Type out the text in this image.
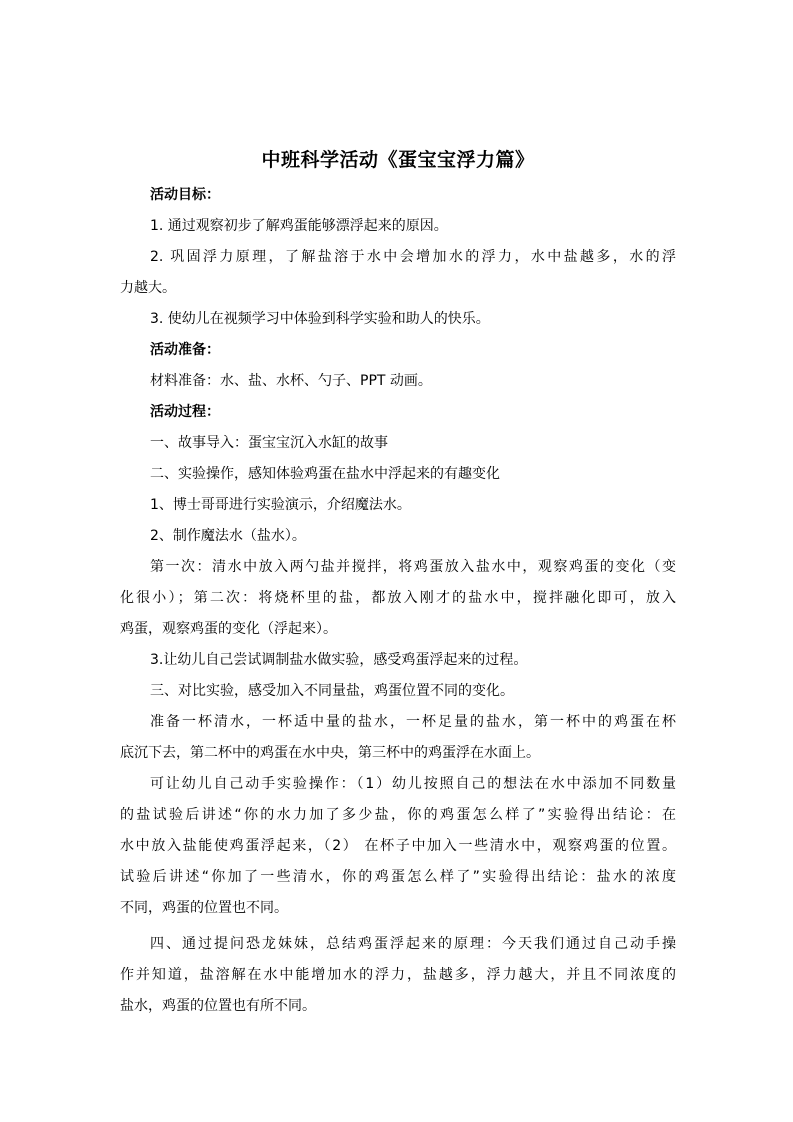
中班科学活动《蛋宝宝浮力篇》

活动目标：

1. 通过观察初步了解鸡蛋能够漂浮起来的原因。

2. 巩固浮力原理，了解盐溶于水中会增加水的浮力，水中盐越多，水的浮
力越大。

3. 使幼儿在视频学习中体验到科学实验和助人的快乐。

活动准备：

材料准备：水、盐、水杯、勺子、PPT 动画。

活动过程：

一、故事导入：蛋宝宝沉入水缸的故事

二、实验操作，感知体验鸡蛋在盐水中浮起来的有趣变化

1、博士哥哥进行实验演示，介绍魔法水。

2、制作魔法水（盐水）。

第一次：清水中放入两勺盐并搅拌，将鸡蛋放入盐水中，观察鸡蛋的变化（变
化很小）；第二次：将烧杯里的盐，都放入刚才的盐水中，搅拌融化即可，放入
鸡蛋，观察鸡蛋的变化（浮起来）。

3.让幼儿自己尝试调制盐水做实验，感受鸡蛋浮起来的过程。

三、对比实验，感受加入不同量盐，鸡蛋位置不同的变化。

准备一杯清水，一杯适中量的盐水，一杯足量的盐水，第一杯中的鸡蛋在杯
底沉下去，第二杯中的鸡蛋在水中央，第三杯中的鸡蛋浮在水面上。

可让幼儿自己动手实验操作：（1）幼儿按照自己的想法在水中添加不同数量
的盐试验后讲述“你的水力加了多少盐，你的鸡蛋怎么样了”实验得出结论：在
水中放入盐能使鸡蛋浮起来，（2） 在杯子中加入一些清水中，观察鸡蛋的位置。
试验后讲述“你加了一些清水，你的鸡蛋怎么样了”实验得出结论：盐水的浓度
不同，鸡蛋的位置也不同。

四、通过提问恐龙妹妹，总结鸡蛋浮起来的原理：今天我们通过自己动手操
作并知道，盐溶解在水中能增加水的浮力，盐越多，浮力越大，并且不同浓度的
盐水，鸡蛋的位置也有所不同。
